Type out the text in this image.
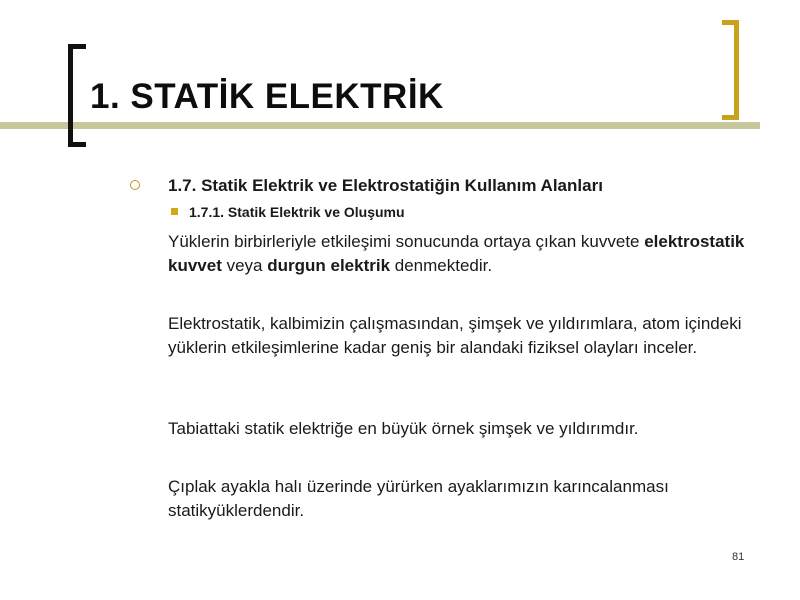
1. STATİK ELEKTRİK
1.7. Statik Elektrik ve Elektrostatiğin Kullanım Alanları
1.7.1. Statik Elektrik ve Oluşumu
Yüklerin birbirleriyle etkileşimi sonucunda ortaya çıkan kuvvete elektrostatik kuvvet veya durgun elektrik denmektedir.
Elektrostatik, kalbimizin çalışmasından, şimşek ve yıldırımlara, atom içindeki yüklerin etkileşimlerine kadar geniş bir alandaki fiziksel olayları inceler.
Tabiattaki statik elektriğe en büyük örnek şimşek ve yıldırımdır.
Çıplak ayakla halı üzerinde yürürken ayaklarımızın karıncalanması statikyüklerdendir.
81
